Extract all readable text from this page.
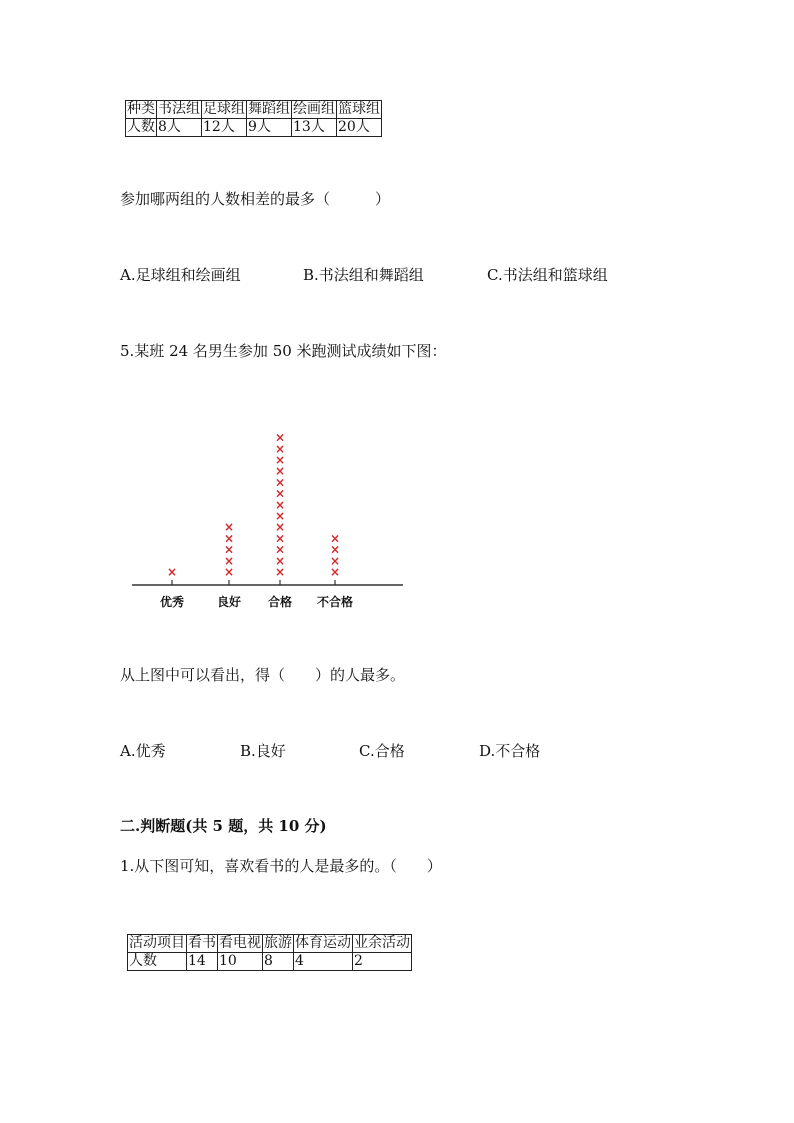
种类	书法组	足球组	舞蹈组	绘画组	篮球组
人数	8人	12人	9人	13人	20人
参加哪两组的人数相差的最多（　　　）
A.足球组和绘画组	B.书法组和舞蹈组	C.书法组和篮球组
5.某班 24 名男生参加 50 米跑测试成绩如下图：
优秀
×
良好
×
×
×
×
×
合格
×
×
×
×
×
×
×
×
×
×
×
×
×
不合格
×
×
×
×
从上图中可以看出，得（　　）的人最多。
A.优秀	B.良好	C.合格	D.不合格
二.判断题(共 5 题，共 10 分)
1.从下图可知，喜欢看书的人是最多的。（　　）
活动项目	看书	看电视	旅游	体育运动	业余活动
人数	14	10	8	4	2
